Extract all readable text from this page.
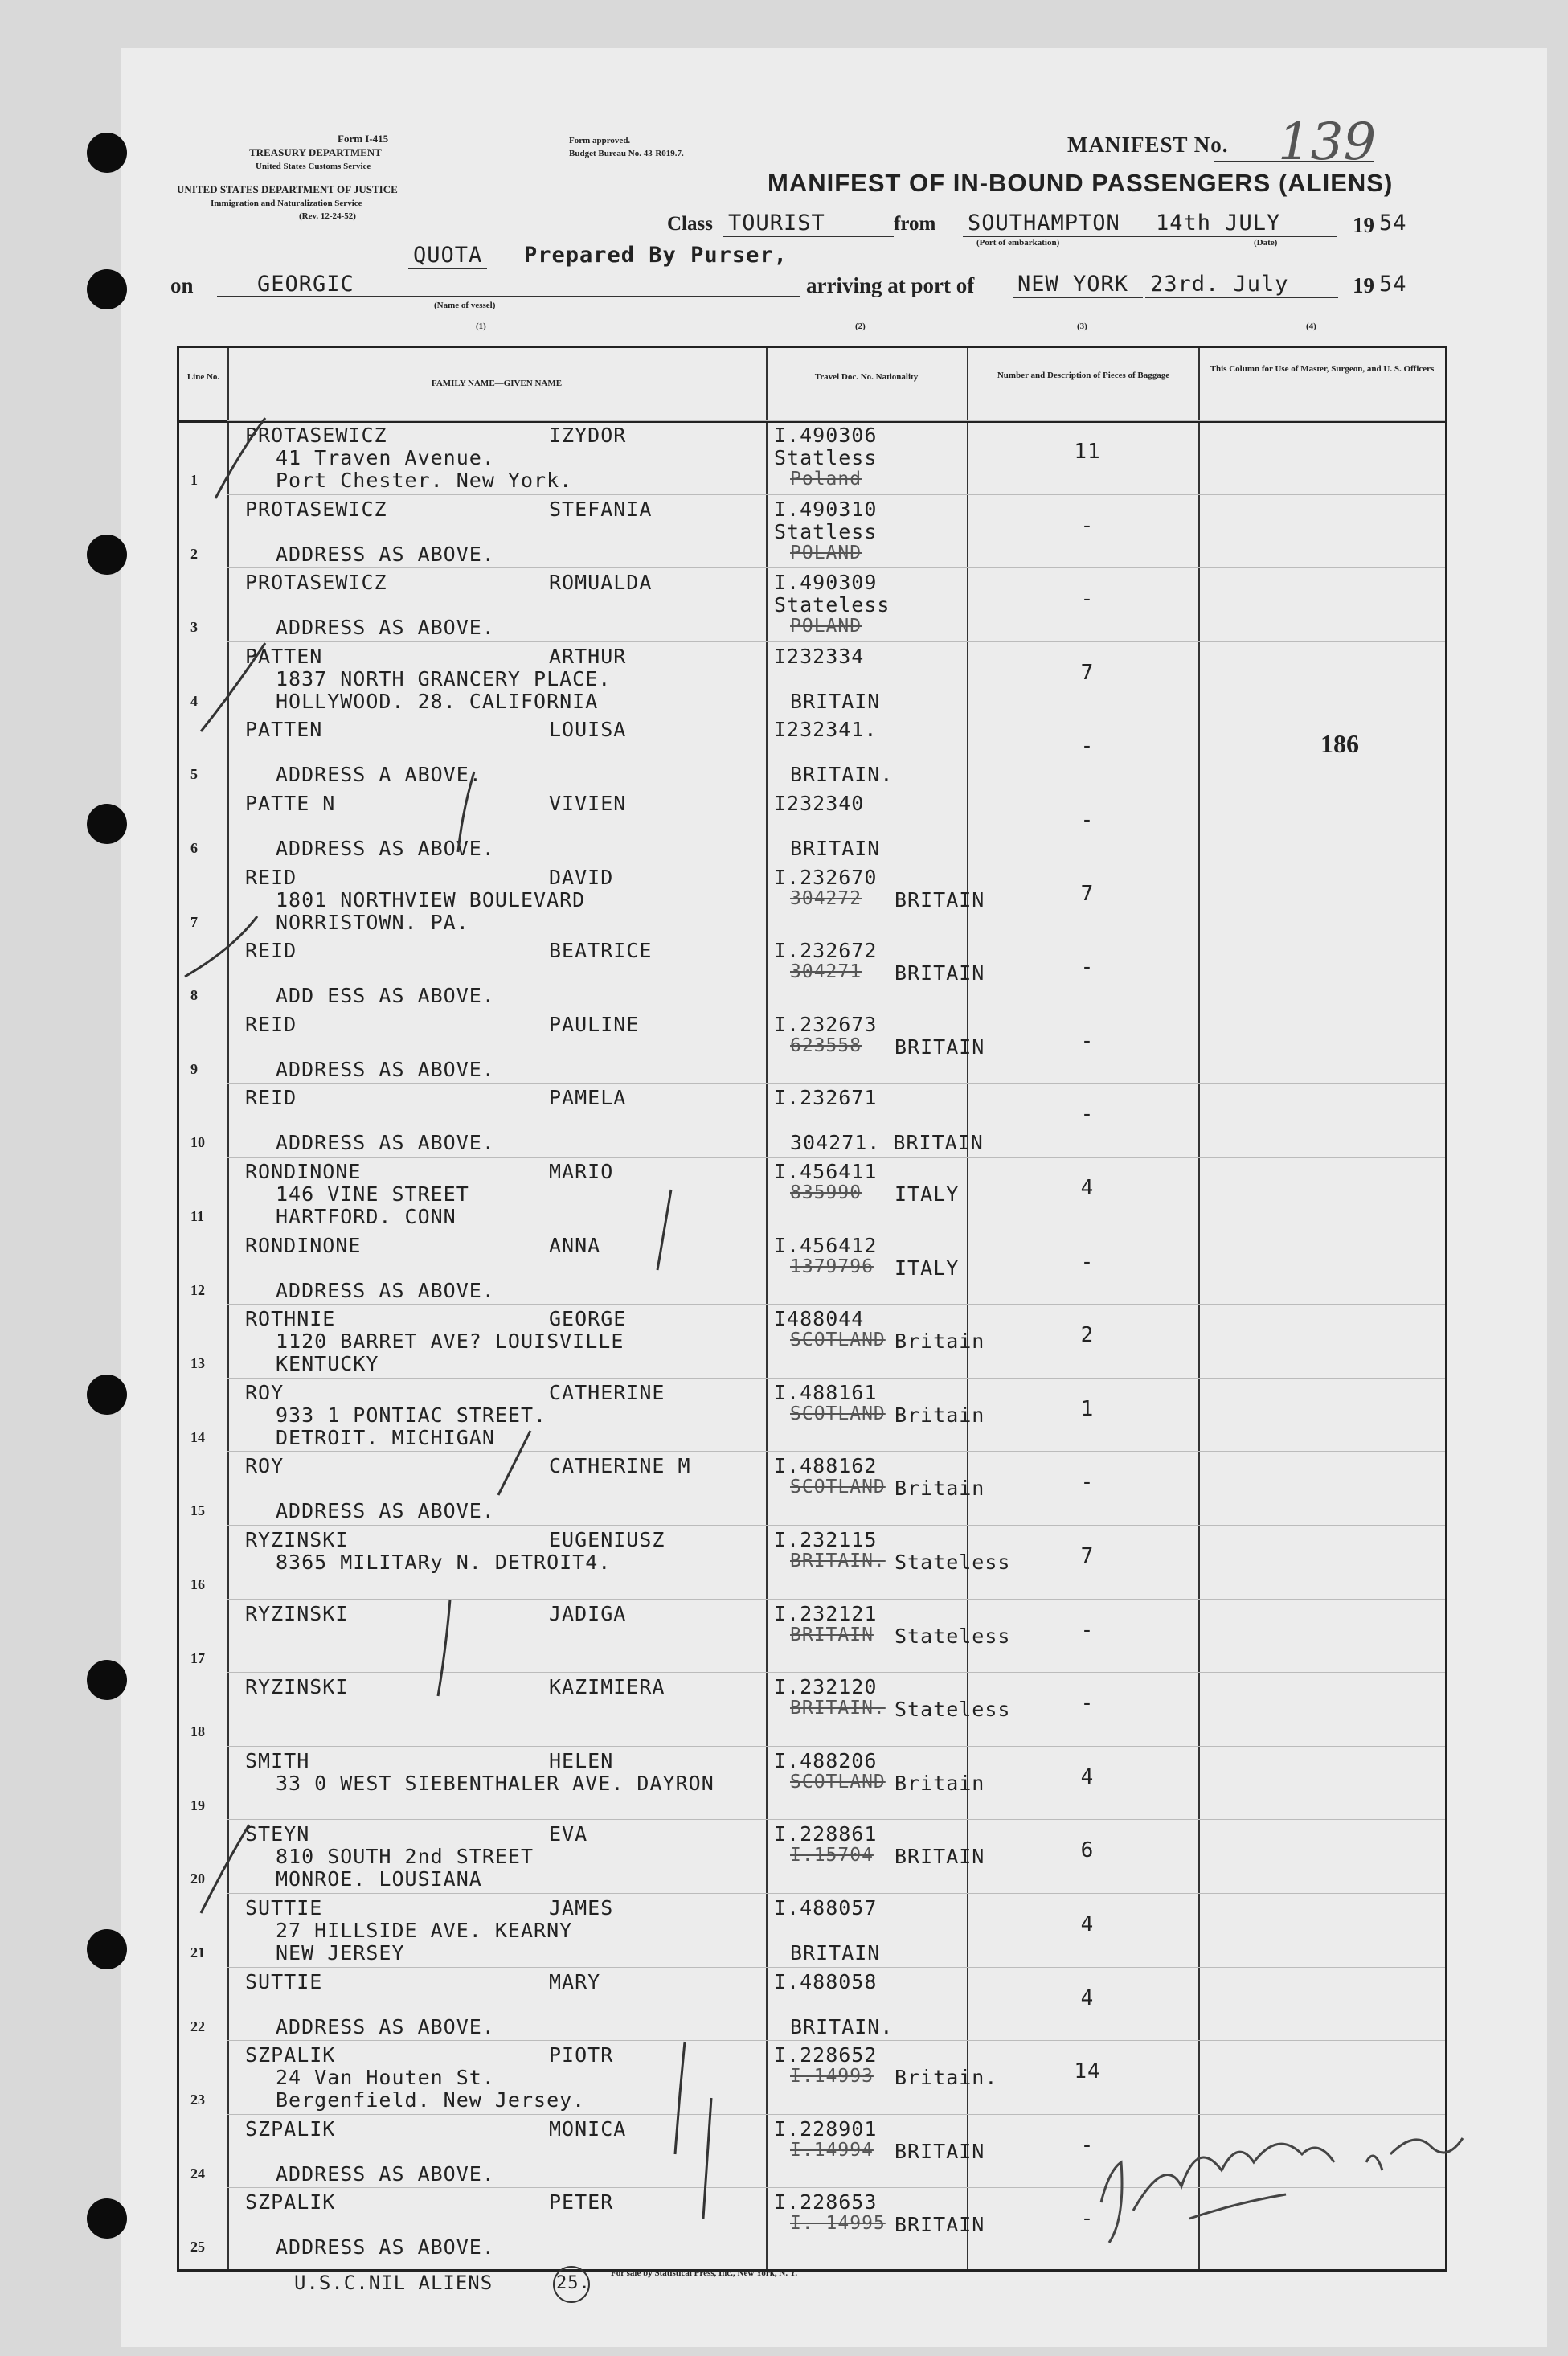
Form I-415
TREASURY DEPARTMENT
United States Customs Service
UNITED STATES DEPARTMENT OF JUSTICE
Immigration and Naturalization Service
(Rev. 12-24-52)
Form approved.
Budget Bureau No. 43-R019.7.	MANIFEST No. 139
MANIFEST OF IN-BOUND PASSENGERS (ALIENS)
Class TOURIST	from SOUTHAMPTON
(Port of embarkation)
14th JULY
(Date)
19 54
QUOTA Prepared By Purser,
on	GEORGIC
(Name of vessel)
arriving at port of NEW YORK 23rd. July	19 54
(1)	(2)	(3)	(4)
Line No.
FAMILY NAME—GIVEN NAME
Travel Doc. No. Nationality	Number and Description of Pieces of Baggage
This Column for Use of Master, Surgeon, and U. S. Officers
1
PROTASEWICZ	IZYDOR
41 Traven Avenue.
Port Chester. New York.
I.490306
Poland
Statless	11
2
PROTASEWICZ	STEFANIA
ADDRESS AS ABOVE.
I.490310
POLAND
Statless	-
3
PROTASEWICZ	ROMUALDA
ADDRESS AS ABOVE.
I.490309
POLAND
Stateless	-
4
PATTEN	ARTHUR
1837 NORTH GRANCERY PLACE.
HOLLYWOOD. 28. CALIFORNIA
I232334
BRITAIN
7
5
PATTEN	LOUISA
ADDRESS A ABOVE.
I232341.
BRITAIN.
-	186
6
PATTE N	VIVIEN
ADDRESS AS ABOVE.
I232340
BRITAIN
-
7
REID	DAVID
1801 NORTHVIEW BOULEVARD
NORRISTOWN. PA.
I.232670
304272 BRITAIN	7
8
REID	BEATRICE
ADD ESS AS ABOVE.
I.232672
304271 BRITAIN	-
9
REID	PAULINE
ADDRESS AS ABOVE.
I.232673
623558 BRITAIN	-
10
REID	PAMELA
ADDRESS AS ABOVE.
I.232671
304271. BRITAIN
-
11
RONDINONE	MARIO
146 VINE STREET
HARTFORD. CONN
I.456411
835990 ITALY	4
12
RONDINONE	ANNA
ADDRESS AS ABOVE.
I.456412
1379796 ITALY	-
13
ROTHNIE	GEORGE
1120 BARRET AVE? LOUISVILLE
KENTUCKY
I488044
SCOTLAND Britain	2
14
ROY	CATHERINE
933 1 PONTIAC STREET.
DETROIT. MICHIGAN
I.488161
SCOTLAND Britain	1
15
ROY	CATHERINE M
ADDRESS AS ABOVE.
I.488162
SCOTLAND Britain	-
16
RYZINSKI	EUGENIUSZ
8365 MILITARy N. DETROIT4.
I.232115
BRITAIN. Stateless	7
17
RYZINSKI	JADIGA	I.232121
BRITAIN Stateless	-
18
RYZINSKI	KAZIMIERA	I.232120
BRITAIN. Stateless	-
19
SMITH	HELEN
33 0 WEST SIEBENTHALER AVE. DAYRON
I.488206
SCOTLAND Britain	4
20
STEYN	EVA
810 SOUTH 2nd STREET
MONROE. LOUSIANA
I.228861
I.15704 BRITAIN	6
21
SUTTIE	JAMES
27 HILLSIDE AVE. KEARNY
NEW JERSEY
I.488057
BRITAIN
4
22
SUTTIE	MARY
ADDRESS AS ABOVE.
I.488058
BRITAIN.
4
23
SZPALIK	PIOTR
24 Van Houten St.
Bergenfield. New Jersey.
I.228652
I.14993 Britain.	14
24
SZPALIK	MONICA
ADDRESS AS ABOVE.
I.228901
I.14994 BRITAIN	-
25
SZPALIK	PETER
ADDRESS AS ABOVE.
I.228653
I. 14995 BRITAIN	-
U.S.C.NIL ALIENS	25. For sale by Statistical Press, Inc., New York, N. Y.
